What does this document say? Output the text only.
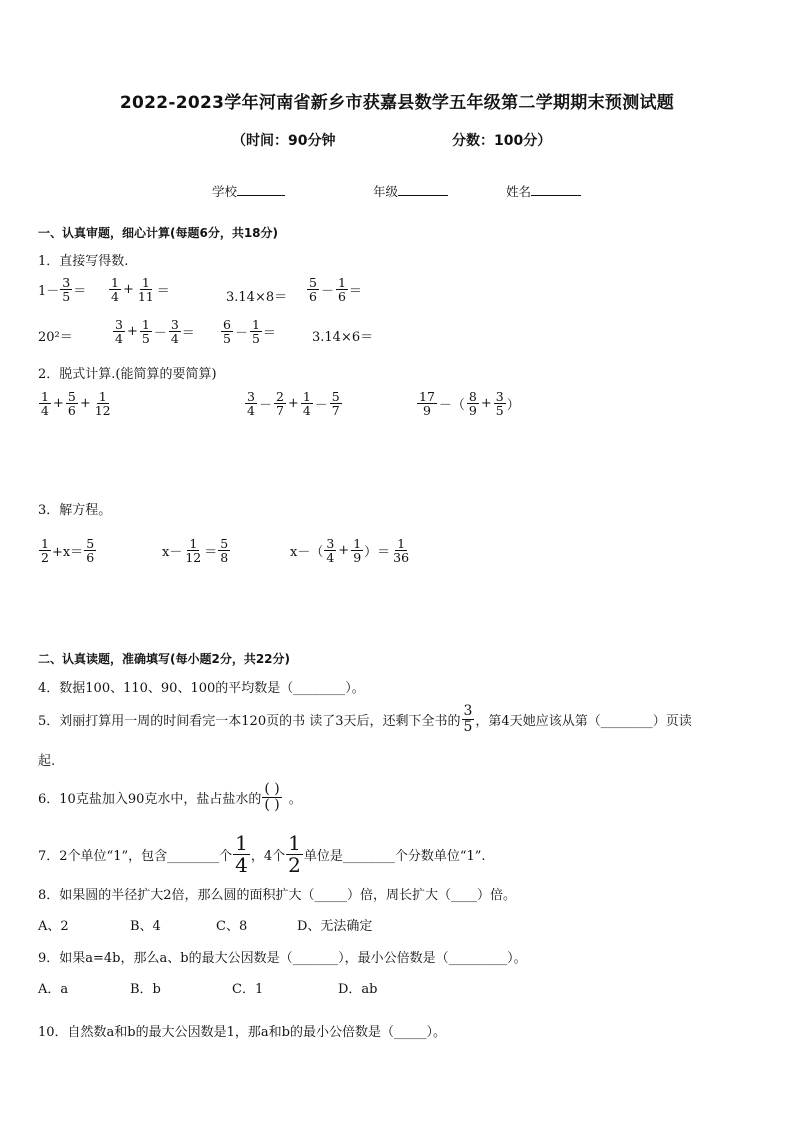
2022-2023学年河南省新乡市获嘉县数学五年级第二学期期末预测试题
（时间：90分钟	分数：100分）
学校	年级	姓名
一、认真审题，细心计算(每题6分，共18分)
1．直接写得数.
$1- \frac{3}{5} = \frac{1}{4} + \frac{1}{11}$ ＝	$3.14\times 8= \frac{5}{6} - \frac{1}{6}$ ＝
20²＝	$\frac{3}{4} + \frac{1}{5} - \frac{3}{4} = \frac{6}{5} - \frac{1}{5}$ ＝	3.14×6＝
2．脱式计算.(能简算的要简算)
$\frac{1}{4} + \frac{5}{6} + \frac{1}{12}$	$\frac{3}{4} - \frac{2}{7} + \frac{1}{4} - \frac{5}{7}$	$\frac{17}{9}$ －（ $\frac{8}{9} + \frac{3}{5}$ ）
3．解方程。
$\frac{1}{2} +x= \frac{5}{6}$	$x- \frac{1}{12} = \frac{5}{8}$	$x-( \frac{3}{4} + \frac{1}{9}$ ）＝ $\frac{1}{36}$
二、认真读题，准确填写(每小题2分，共22分)
4．数据100、110、90、100的平均数是（________）。
5．刘丽打算用一周的时间看完一本120页的书 读了3天后，还剩下全书的 $\frac{3}{5}$ ，第4天她应该从第（________）页读
起.
6．10克盐加入90克水中，盐占盐水的 $\frac{( )}{( )}$ 。
7．2个单位“1”，包含________个 $\frac{1}{4}$ ，4个 $\frac{1}{2}$ 单位是________个分数单位“1”.
8．如果圆的半径扩大2倍，那么圆的面积扩大（_____）倍，周长扩大（____）倍。
A、2	B、4	C、8	D、无法确定
9．如果a=4b，那么a、b的最大公因数是（_______），最小公倍数是（_________）。
A．a	B．b	C．1	D．ab
10．自然数a和b的最大公因数是1，那a和b的最小公倍数是（_____）。
